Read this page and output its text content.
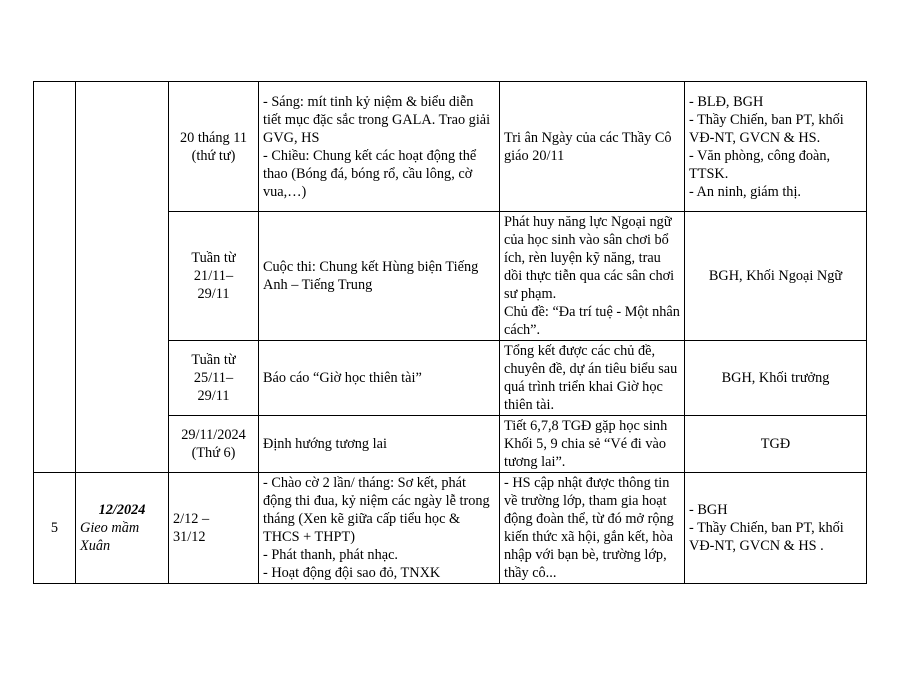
		20 tháng 11
(thứ tư)	- Sáng: mít tinh kỷ niệm & biểu diễn tiết mục đặc sắc trong GALA. Trao giải GVG, HS
- Chiều: Chung kết các hoạt động thể thao (Bóng đá, bóng rổ, cầu lông, cờ vua,…)	Tri ân Ngày của các Thầy Cô giáo 20/11	- BLĐ, BGH
- Thầy Chiến, ban PT, khối VĐ-NT, GVCN & HS.
- Văn phòng, công đoàn, TTSK.
- An ninh, giám thị.

		Tuần từ
21/11–
29/11	Cuộc thi: Chung kết Hùng biện Tiếng Anh – Tiếng Trung	Phát huy năng lực Ngoại ngữ của học sinh vào sân chơi bổ ích, rèn luyện kỹ năng, trau dồi thực tiễn qua các sân chơi sư phạm.
Chủ đề: “Đa trí tuệ - Một nhân cách”.	BGH, Khối Ngoại Ngữ

		Tuần từ
25/11–
29/11	Báo cáo “Giờ học thiên tài”	Tổng kết được các chủ đề, chuyên đề, dự án tiêu biểu sau quá trình triển khai Giờ học thiên tài.	BGH, Khối trưởng

		29/11/2024
(Thứ 6)	Định hướng tương lai	Tiết 6,7,8 TGĐ gặp học sinh Khối 5, 9 chia sẻ “Vé đi vào tương lai”.	TGĐ

5	12/2024
Gieo mầm Xuân	2/12 –
31/12	- Chào cờ 2 lần/ tháng: Sơ kết, phát động thi đua, kỷ niệm các ngày lễ trong tháng (Xen kẽ giữa cấp tiểu học & THCS + THPT)
- Phát thanh, phát nhạc.
- Hoạt động đội sao đỏ, TNXK	- HS cập nhật được thông tin về trường lớp, tham gia hoạt động đoàn thể, từ đó mở rộng kiến thức xã hội, gắn kết, hòa nhập với bạn bè, trường lớp, thầy cô...	- BGH
- Thầy Chiến, ban PT, khối VĐ-NT, GVCN & HS .
